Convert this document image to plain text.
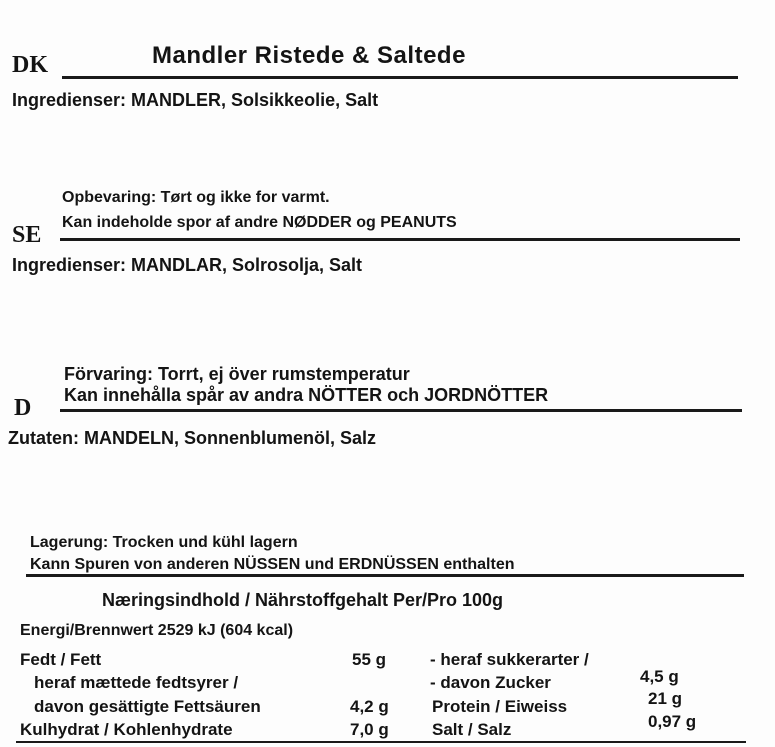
DK	Mandler Ristede & Saltede
Ingredienser: MANDLER, Solsikkeolie, Salt
Opbevaring: Tørt og ikke for varmt.
SE Kan indeholde spor af andre NØDDER og PEANUTS
Ingredienser: MANDLAR, Solrosolja, Salt
Förvaring: Torrt, ej över rumstemperatur
D Kan innehålla spår av andra NÖTTER och JORDNÖTTER
Zutaten: MANDELN, Sonnenblumenöl, Salz
Lagerung: Trocken und kühl lagern
Kann Spuren von anderen NÜSSEN und ERDNÜSSEN enthalten
Næringsindhold / Nährstoffgehalt Per/Pro 100g
Energi/Brennwert 2529 kJ (604 kcal)
Fedt / Fett	55 g
heraf mættede fedtsyrer /
davon gesättigte Fettsäuren	4,2 g
Kulhydrat / Kohlenhydrate	7,0 g
- heraf sukkerarter /
- davon Zucker	4,5 g
Protein / Eiweiss	21 g
Salt / Salz	0,97 g
